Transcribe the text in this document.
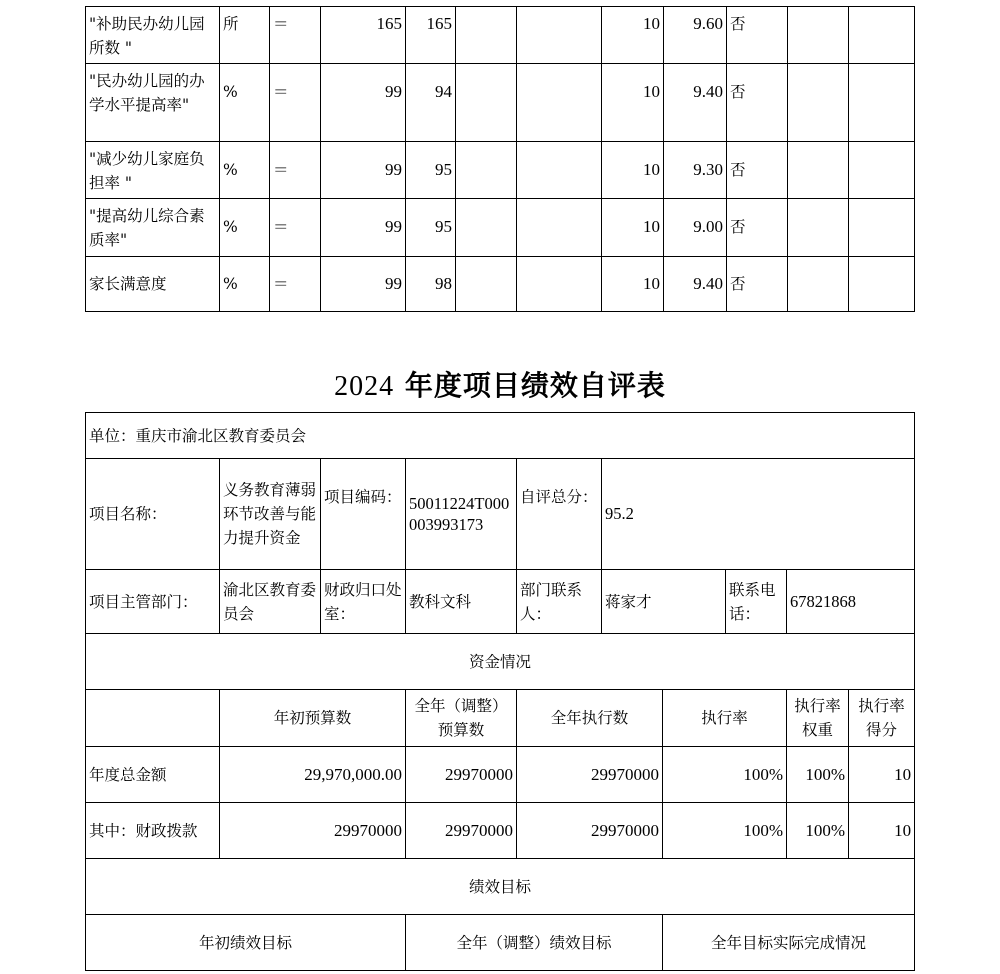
"补助民办幼儿园所数 "	所	＝	165	165			10	9.60	否		
"民办幼儿园的办学水平提高率"	%	＝	99	94			10	9.40	否		
"减少幼儿家庭负担率 "	%	＝	99	95			10	9.30	否		
"提高幼儿综合素质率"	%	＝	99	95			10	9.00	否		
家长满意度	%	＝	99	98			10	9.40	否		
2024 年度项目绩效自评表
单位：重庆市渝北区教育委员会									
项目名称：	义务教育薄弱环节改善与能力提升资金	项目编码：	50011224T000003993173	自评总分：	95.2				
项目主管部门：	渝北区教育委员会	财政归口处室：	教科文科	部门联系人：	蒋家才		联系电话：	67821868	
资金情况									
	年初预算数		全年（调整）预算数	全年执行数		执行率		执行率权重	执行率得分
年度总金额	29,970,000.00		29970000	29970000		100%		100%	10
其中：财政拨款	29970000		29970000	29970000		100%		100%	10
绩效目标									
年初绩效目标			全年（调整）绩效目标			全年目标实际完成情况			
